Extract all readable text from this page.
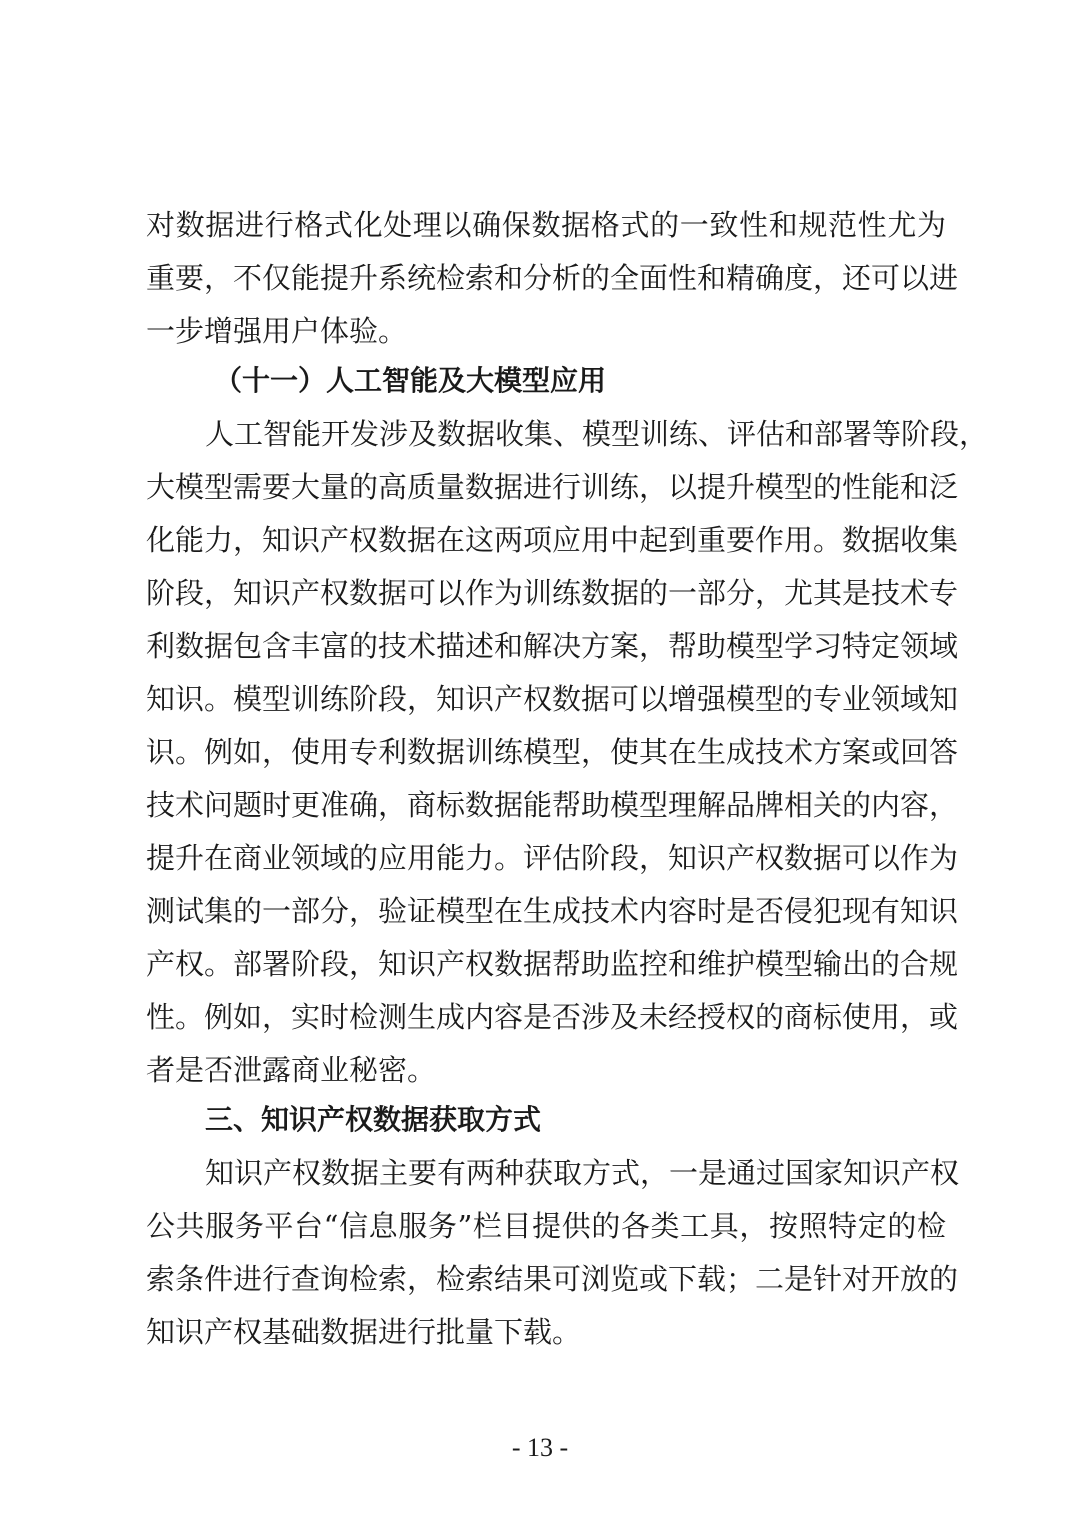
对数据进行格式化处理以确保数据格式的一致性和规范性尤为
重要，不仅能提升系统检索和分析的全面性和精确度，还可以进
一步增强用户体验。
（十一）人工智能及大模型应用
人工智能开发涉及数据收集、模型训练、评估和部署等阶段，
大模型需要大量的高质量数据进行训练，以提升模型的性能和泛
化能力，知识产权数据在这两项应用中起到重要作用。数据收集
阶段，知识产权数据可以作为训练数据的一部分，尤其是技术专
利数据包含丰富的技术描述和解决方案，帮助模型学习特定领域
知识。模型训练阶段，知识产权数据可以增强模型的专业领域知
识。例如，使用专利数据训练模型，使其在生成技术方案或回答
技术问题时更准确，商标数据能帮助模型理解品牌相关的内容，
提升在商业领域的应用能力。评估阶段，知识产权数据可以作为
测试集的一部分，验证模型在生成技术内容时是否侵犯现有知识
产权。部署阶段，知识产权数据帮助监控和维护模型输出的合规
性。例如，实时检测生成内容是否涉及未经授权的商标使用，或
者是否泄露商业秘密。
三、知识产权数据获取方式
知识产权数据主要有两种获取方式，一是通过国家知识产权
公共服务平台“信息服务”栏目提供的各类工具，按照特定的检
索条件进行查询检索，检索结果可浏览或下载；二是针对开放的
知识产权基础数据进行批量下载。
- 13 -
